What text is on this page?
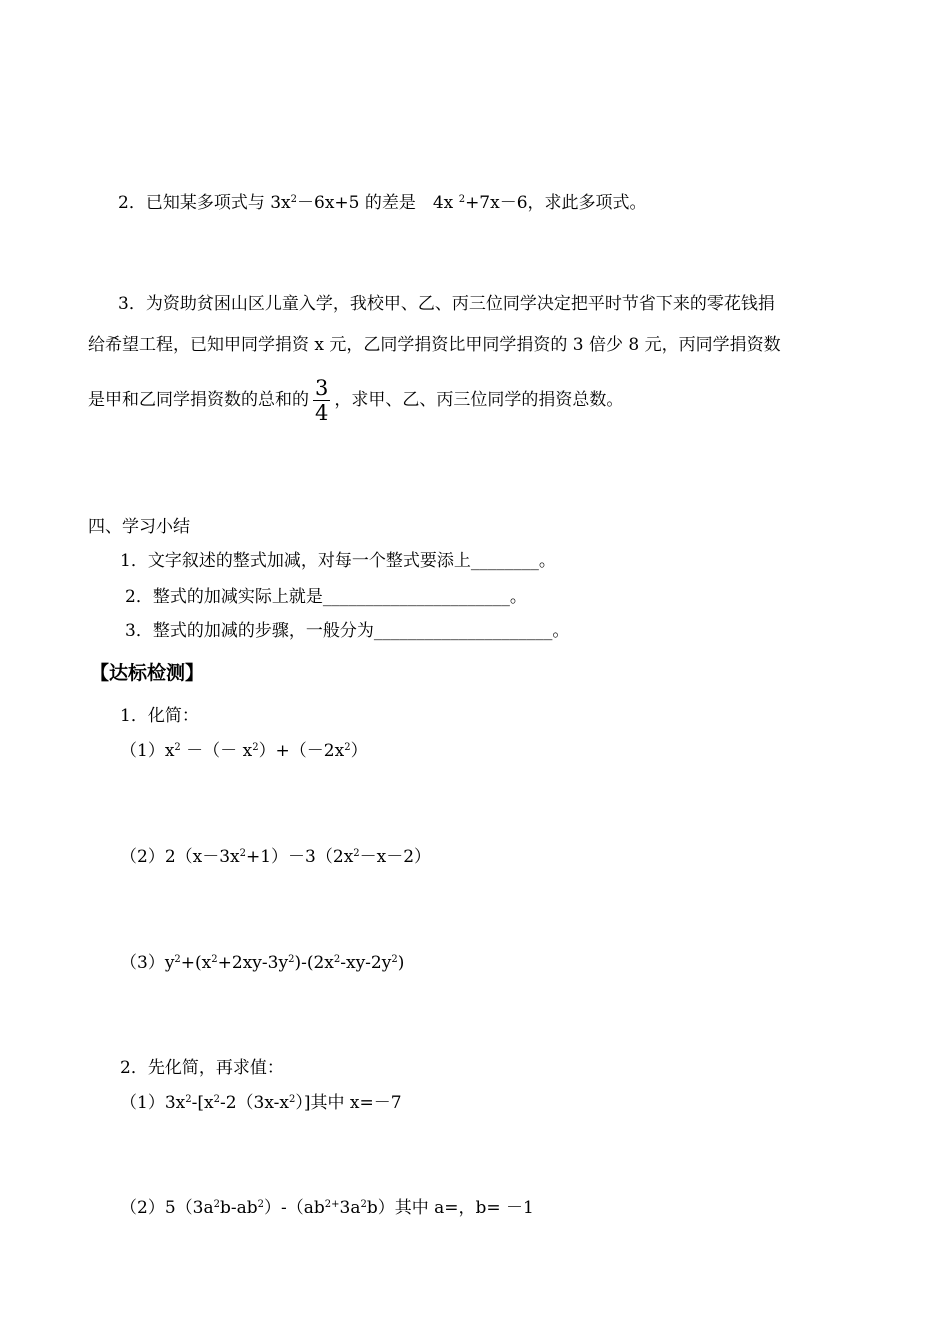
2．已知某多项式与 $3x^2-6x+5$ 的差是　4x $^2$+7x－6，求此多项式。
3．为资助贫困山区儿童入学，我校甲、乙、丙三位同学决定把平时节省下来的零花钱捐
给希望工程，已知甲同学捐资 x 元，乙同学捐资比甲同学捐资的 3 倍少 8 元，丙同学捐资数
是甲和乙同学捐资数的总和的 $\frac{3}{4}$ ，求甲、乙、丙三位同学的捐资总数。
四、学习小结
1．文字叙述的整式加减，对每一个整式要添上________。
2．整式的加减实际上就是______________________。
3．整式的加减的步骤，一般分为_____________________。
【达标检测】
1．化简：
$(1)x^2$ －（－ $x^2)+(-2x^2)$
$(2)2(x-3x^2+1)-3(2x^2-x-2)$
$(3)y^2+(x^2+2xy-3y^2)-(2x^2-xy-2y^2)$
2．先化简，再求值：
$(1)3x^2-[x^2-2(3x-x^2)]$其中 x=－7
$(2)5(3a^2b-ab^2)-(ab^{2+}3a^2b)$其中 a=，b= －1
